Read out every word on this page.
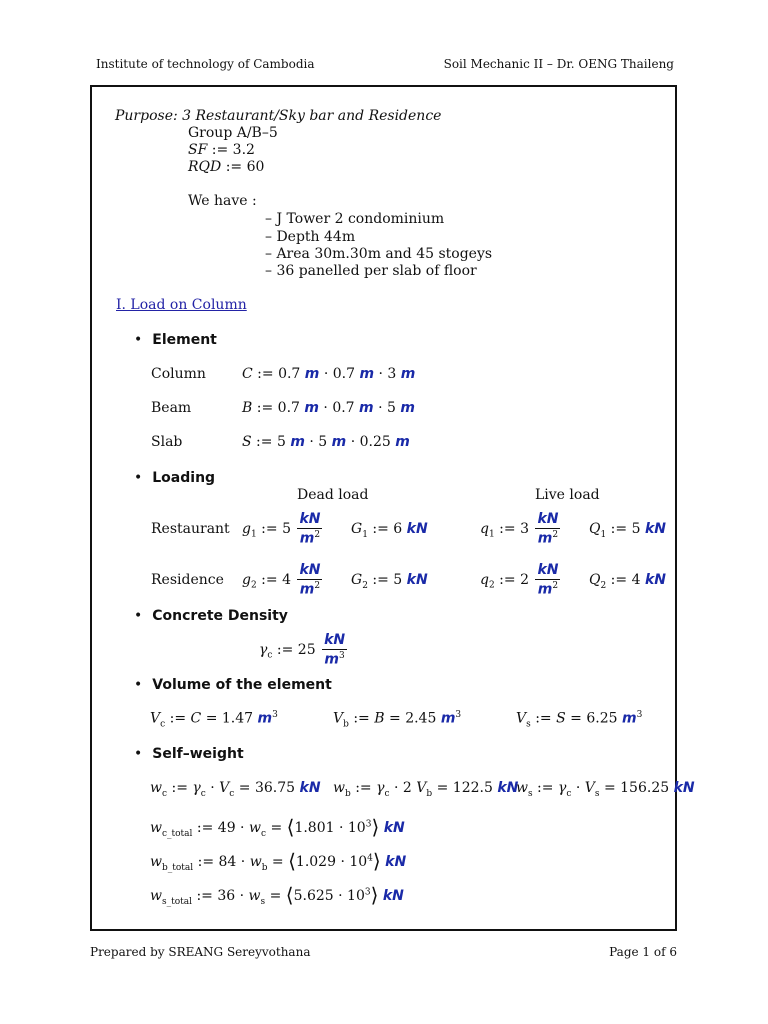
Institute of technology of Cambodia	Soil Mechanic II – Dr. OENG Thaileng
Purpose: 3 Restaurant/Sky bar and Residence
Group A/B–5
SF := 3.2
RQD := 60
We have :
– J Tower 2 condominium
– Depth 44m
– Area 30m.30m and 45 stogeys
– 36 panelled per slab of floor
I. Load on Column
• Element
Column	C := 0.7 m · 0.7 m · 3 m
Beam	B := 0.7 m · 0.7 m · 5 m
Slab	S := 5 m · 5 m · 0.25 m
• Loading
Dead load	Live load
Restaurant $g_1$ := $5 \frac{kN}{m^2} G_1$ := 6 kN	$q_1$ := $3 \frac{kN}{m^2} Q_1$ := 5 kN
Residence $g_2$ := $4 \frac{kN}{m^2} G_2$ := 5 kN	$q_2$ := $2 \frac{kN}{m^2} Q_2$ := 4 kN
• Concrete Density
$\gamma_c$ := $25 \frac{kN}{m^3}$
• Volume of the element
$V_c$ := C = 1.47 $m^3$	$V_b$ := B = 2.45 $m^3$	$V_s$ := S = 6.25 $m^3$
• Self–weight
$w_c$ := $\gamma_c \cdot V_c = 36.75$ kN $w_b$ := $\gamma_c \cdot 2$ $V_b = 122.5$ kN
$w_s$ := $\gamma_c \cdot V_s = 156.25$ kN
$w_{c\_total}$ := $49 \cdot w_c$ = ⟨1.801 · $10^3⟩$ kN
$w_{b\_total}$ := $84 \cdot w_b$ = ⟨1.029 · $10^4⟩$ kN
$w_{s\_total}$ := $36 \cdot w_s$ = ⟨5.625 · $10^3⟩$ kN
Prepared by SREANG Sereyvothana	Page 1 of 6
